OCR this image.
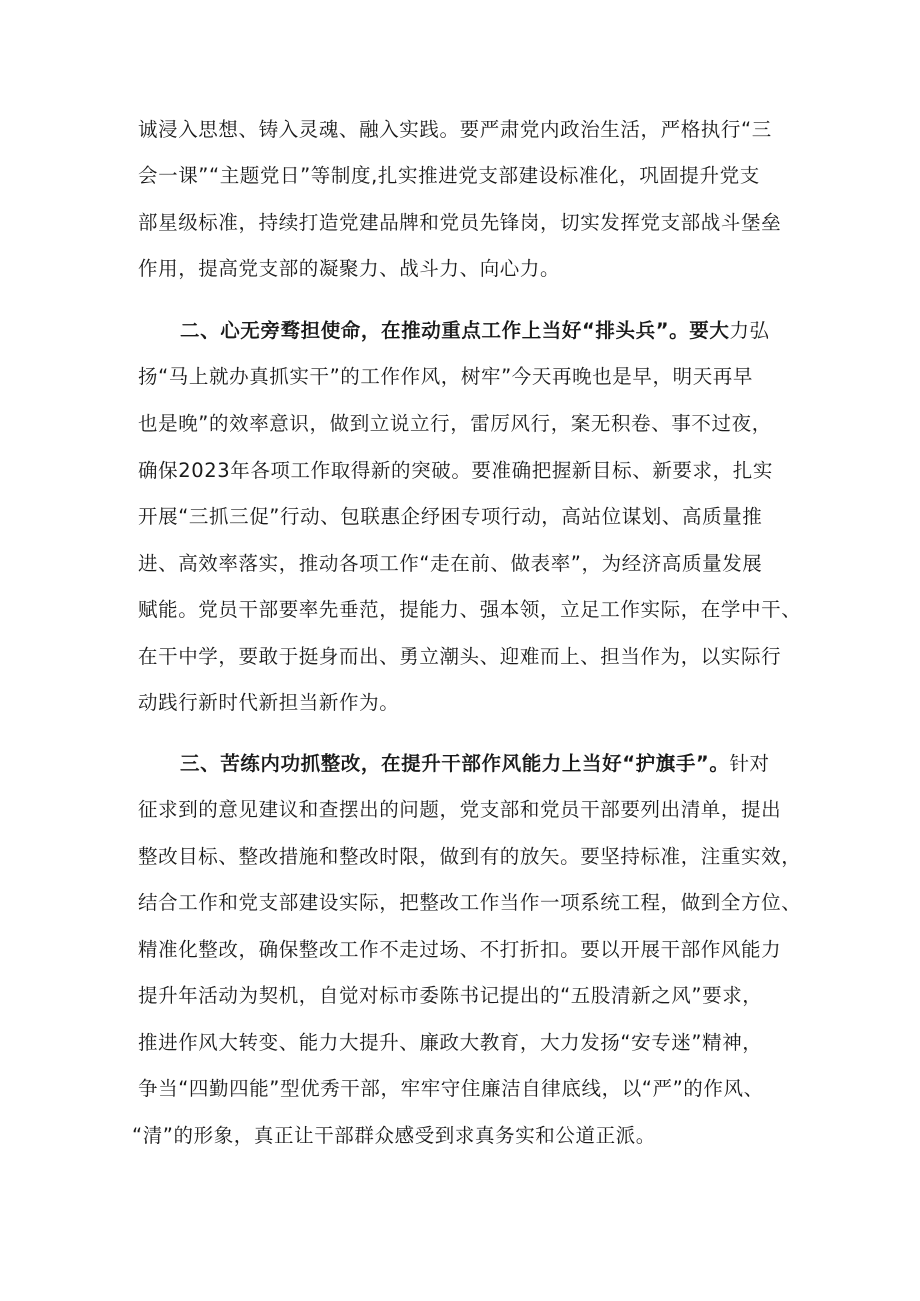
诚浸入思想、铸入灵魂、融入实践。要严肃党内政治生活，严格执行“三
会一课”“主题党日”等制度,扎实推进党支部建设标准化，巩固提升党支
部星级标准，持续打造党建品牌和党员先锋岗，切实发挥党支部战斗堡垒
作用，提高党支部的凝聚力、战斗力、向心力。
二、心无旁骛担使命，在推动重点工作上当好“排头兵”。要大力弘
扬“马上就办真抓实干”的工作作风，树牢”今天再晚也是早，明天再早
也是晚”的效率意识，做到立说立行，雷厉风行，案无积卷、事不过夜，
确保2023年各项工作取得新的突破。要准确把握新目标、新要求，扎实
开展“三抓三促”行动、包联惠企纾困专项行动，高站位谋划、高质量推
进、高效率落实，推动各项工作“走在前、做表率”，为经济高质量发展
赋能。党员干部要率先垂范，提能力、强本领，立足工作实际，在学中干、
在干中学，要敢于挺身而出、勇立潮头、迎难而上、担当作为，以实际行
动践行新时代新担当新作为。
三、苦练内功抓整改，在提升干部作风能力上当好“护旗手”。针对
征求到的意见建议和查摆出的问题，党支部和党员干部要列出清单，提出
整改目标、整改措施和整改时限，做到有的放矢。要坚持标准，注重实效，
结合工作和党支部建设实际，把整改工作当作一项系统工程，做到全方位、
精准化整改，确保整改工作不走过场、不打折扣。要以开展干部作风能力
提升年活动为契机，自觉对标市委陈书记提出的“五股清新之风”要求，
推进作风大转变、能力大提升、廉政大教育，大力发扬“安专迷”精神，
争当“四勤四能”型优秀干部，牢牢守住廉洁自律底线，以“严”的作风、
“清”的形象，真正让干部群众感受到求真务实和公道正派。
